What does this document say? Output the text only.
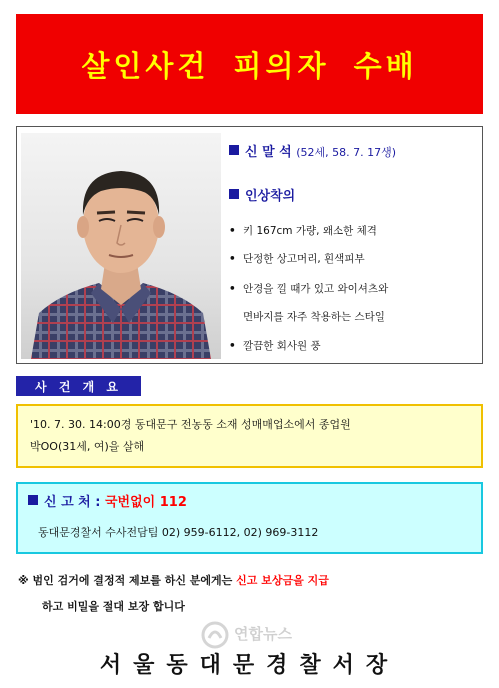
살인사건 피의자 수배
신 말 석 (52세, 58. 7. 17생)
인상착의
• 키 167cm 가량, 왜소한 체격
• 단정한 상고머리, 흰색피부
• 안경을 낄 때가 있고 와이셔츠와
면바지를 자주 착용하는 스타일
• 깔끔한 회사원 풍
사 건 개 요
'10. 7. 30. 14:00경 동대문구 전농동 소재 성매매업소에서 종업원
박OO(31세, 여)을 살해
신 고 처 : 국번없이 112
동대문경찰서 수사전담팀 02) 959-6112, 02) 969-3112
※ 범인 검거에 결정적 제보를 하신 분에게는 신고 보상금을 지급
하고 비밀을 절대 보장 합니다
연합뉴스
서울동대문경찰서장
